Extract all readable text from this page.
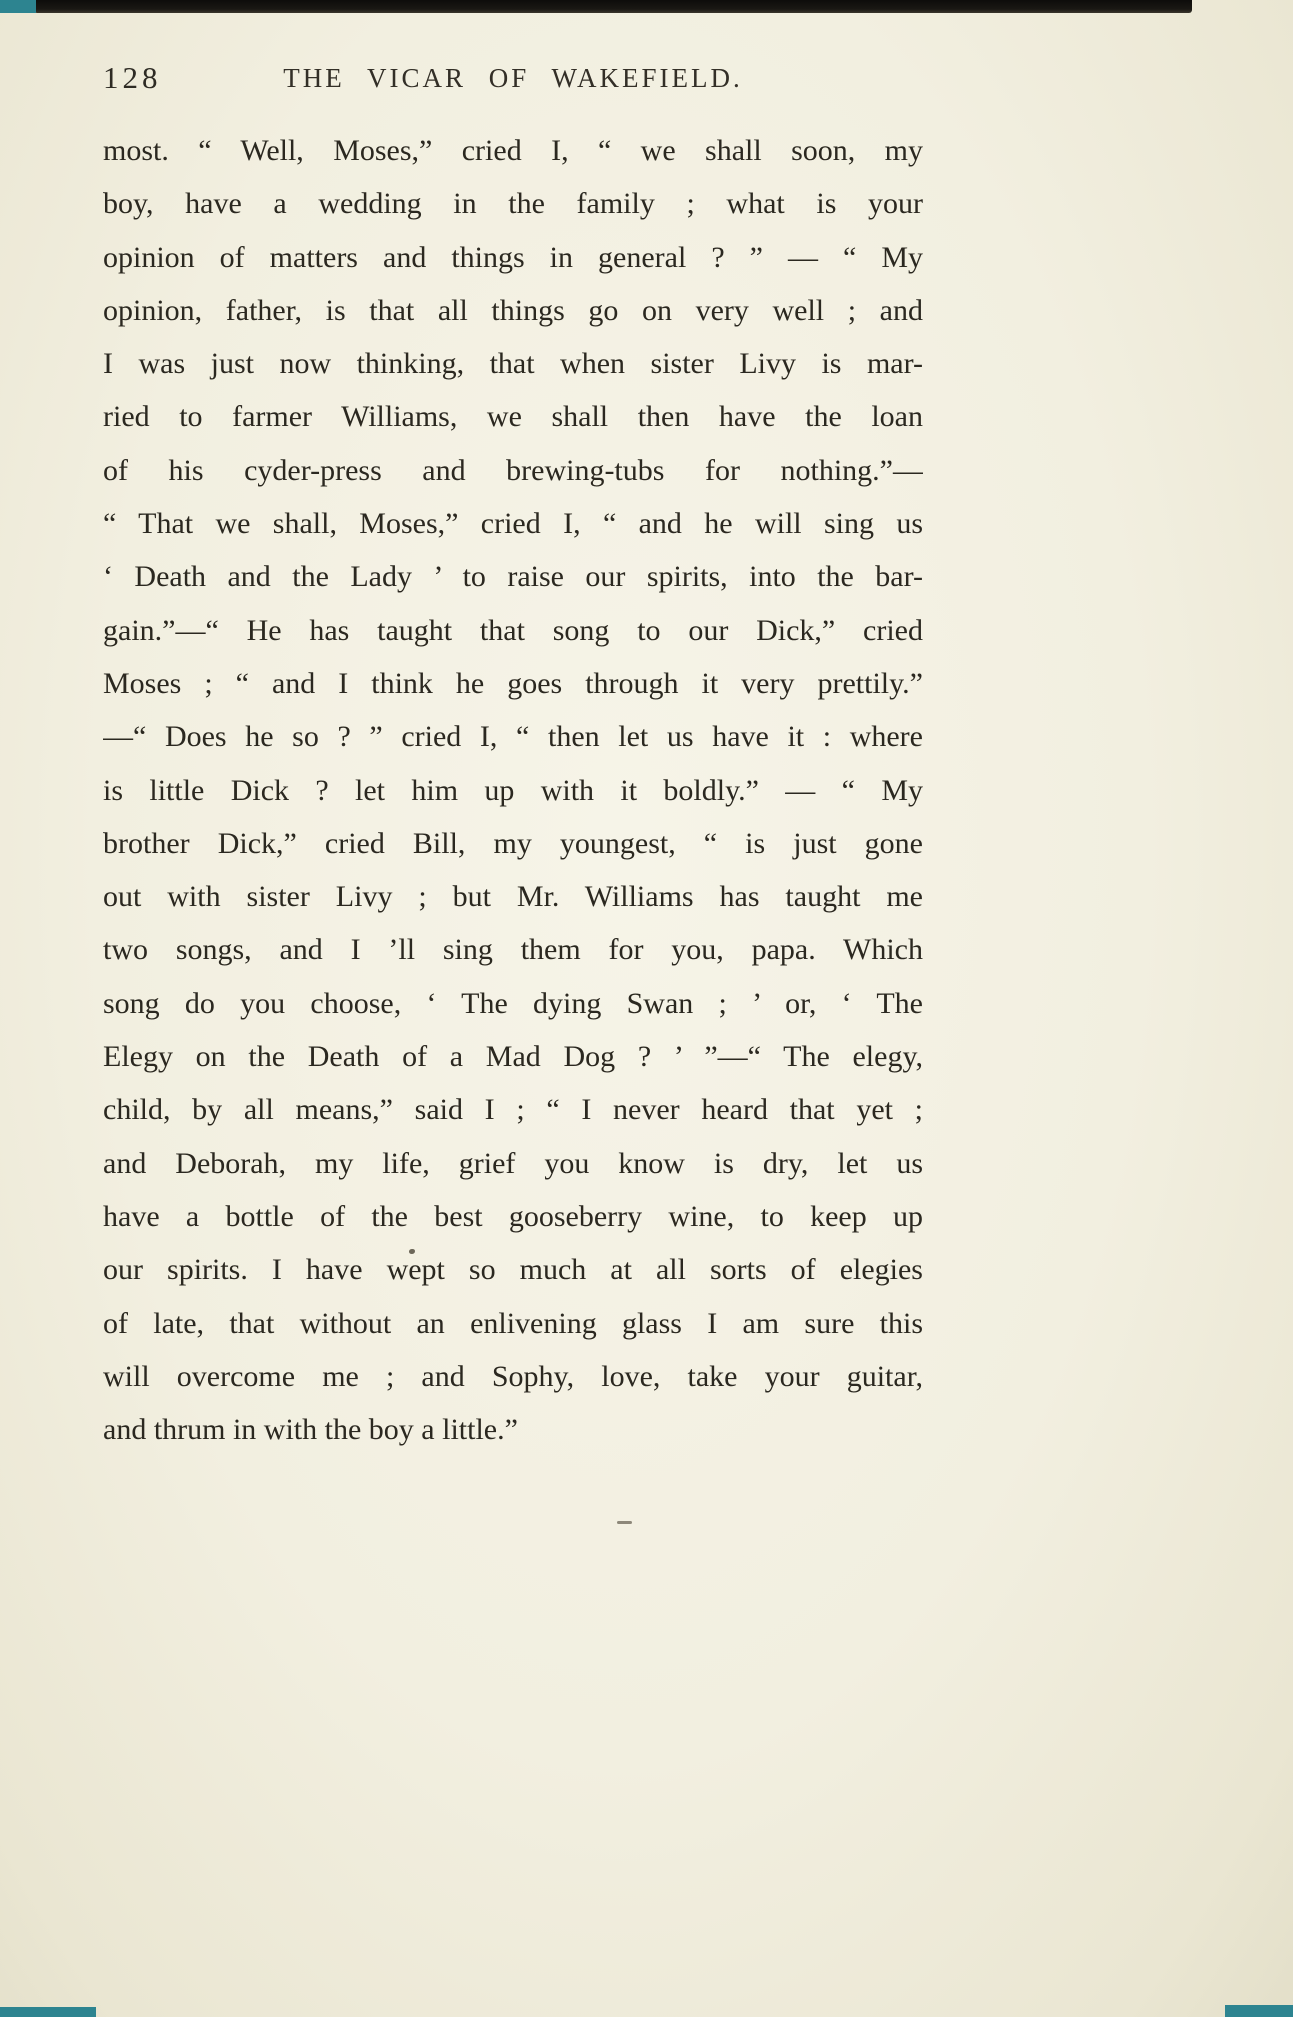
128	THE VICAR OF WAKEFIELD.
most. “ Well, Moses,” cried I, “ we shall soon, my
boy, have a wedding in the family ; what is your
opinion of matters and things in general ? ” — “ My
opinion, father, is that all things go on very well ; and
I was just now thinking, that when sister Livy is mar-
ried to farmer Williams, we shall then have the loan
of his cyder-press and brewing-tubs for nothing.”—
“ That we shall, Moses,” cried I, “ and he will sing us
‘ Death and the Lady ’ to raise our spirits, into the bar-
gain.”—“ He has taught that song to our Dick,” cried
Moses ; “ and I think he goes through it very prettily.”
—“ Does he so ? ” cried I, “ then let us have it : where
is little Dick ? let him up with it boldly.” — “ My
brother Dick,” cried Bill, my youngest, “ is just gone
out with sister Livy ; but Mr. Williams has taught me
two songs, and I ’ll sing them for you, papa. Which
song do you choose, ‘ The dying Swan ; ’ or, ‘ The
Elegy on the Death of a Mad Dog ? ’ ”—“ The elegy,
child, by all means,” said I ; “ I never heard that yet ;
and Deborah, my life, grief you know is dry, let us
have a bottle of the best gooseberry wine, to keep up
our spirits. I have wept so much at all sorts of elegies
of late, that without an enlivening glass I am sure this
will overcome me ; and Sophy, love, take your guitar,
and thrum in with the boy a little.”
